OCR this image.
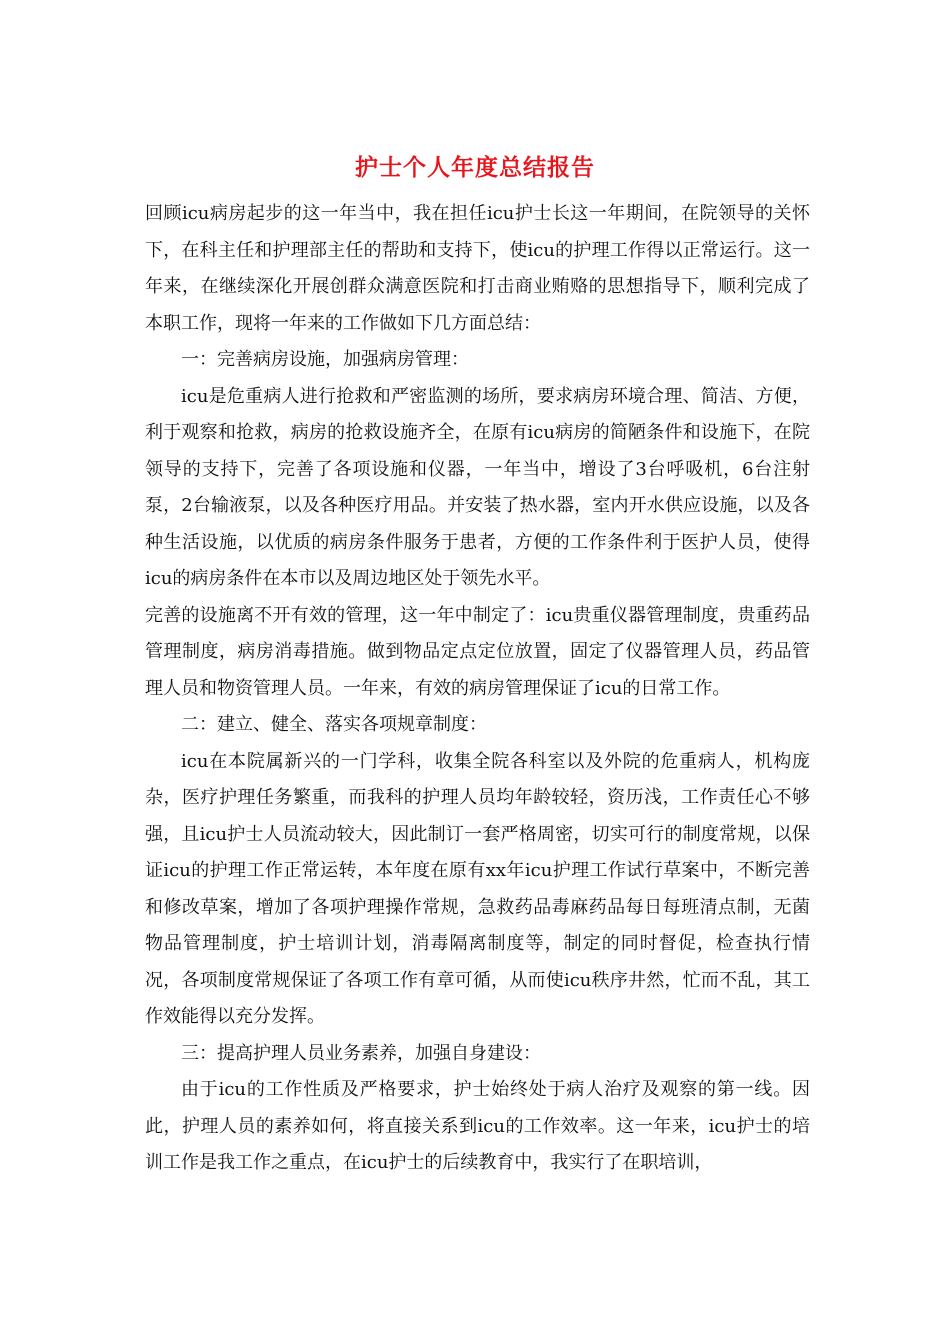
护士个人年度总结报告

回顾icu病房起步的这一年当中，我在担任icu护士长这一年期间，在院领导的关怀下，在科主任和护理部主任的帮助和支持下，使icu的护理工作得以正常运行。这一年来，在继续深化开展创群众满意医院和打击商业贿赂的思想指导下，顺利完成了本职工作，现将一年来的工作做如下几方面总结：

一：完善病房设施，加强病房管理：

icu是危重病人进行抢救和严密监测的场所，要求病房环境合理、简洁、方便，利于观察和抢救，病房的抢救设施齐全，在原有icu病房的简陋条件和设施下，在院领导的支持下，完善了各项设施和仪器，一年当中，增设了3台呼吸机，6台注射泵，2台输液泵，以及各种医疗用品。并安装了热水器，室内开水供应设施，以及各种生活设施，以优质的病房条件服务于患者，方便的工作条件利于医护人员，使得icu的病房条件在本市以及周边地区处于领先水平。

完善的设施离不开有效的管理，这一年中制定了：icu贵重仪器管理制度，贵重药品管理制度，病房消毒措施。做到物品定点定位放置，固定了仪器管理人员，药品管理人员和物资管理人员。一年来，有效的病房管理保证了icu的日常工作。

二：建立、健全、落实各项规章制度：

icu在本院属新兴的一门学科，收集全院各科室以及外院的危重病人，机构庞杂，医疗护理任务繁重，而我科的护理人员均年龄较轻，资历浅，工作责任心不够强，且icu护士人员流动较大，因此制订一套严格周密，切实可行的制度常规，以保证icu的护理工作正常运转，本年度在原有xx年icu护理工作试行草案中，不断完善和修改草案，增加了各项护理操作常规，急救药品毒麻药品每日每班清点制，无菌物品管理制度，护士培训计划，消毒隔离制度等，制定的同时督促，检查执行情况，各项制度常规保证了各项工作有章可循，从而使icu秩序井然，忙而不乱，其工作效能得以充分发挥。

三：提高护理人员业务素养，加强自身建设：

由于icu的工作性质及严格要求，护士始终处于病人治疗及观察的第一线。因此，护理人员的素养如何，将直接关系到icu的工作效率。这一年来，icu护士的培训工作是我工作之重点，在icu护士的后续教育中，我实行了在职培训，
